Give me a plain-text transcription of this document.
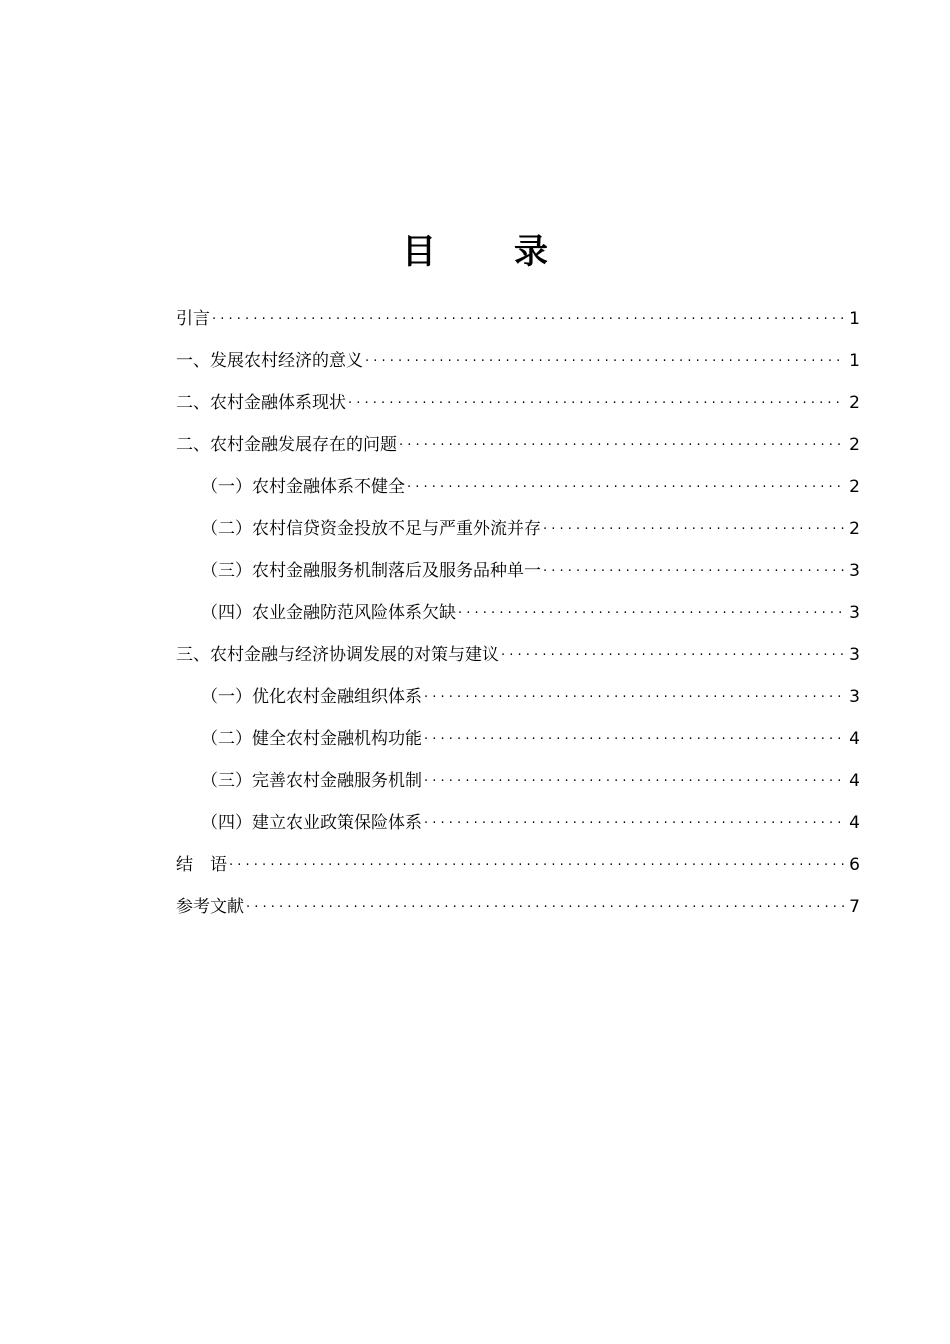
目 录
引言 . . .	1
一、发展农村经济的意义 . . .	1
二、农村金融体系现状 . . .	2
二、农村金融发展存在的问题 . . .	2
（一）农村金融体系不健全 . . .	2
（二）农村信贷资金投放不足与严重外流并存 . . .	2
（三）农村金融服务机制落后及服务品种单一 . . .	3
（四）农业金融防范风险体系欠缺 . . .	3
三、农村金融与经济协调发展的对策与建议 . . .	3
（一）优化农村金融组织体系 . . .	3
（二）健全农村金融机构功能 . . .	4
（三）完善农村金融服务机制 . . .	4
（四）建立农业政策保险体系 . . .	4
结　语 . . .	6
参考文献 . . .	7
